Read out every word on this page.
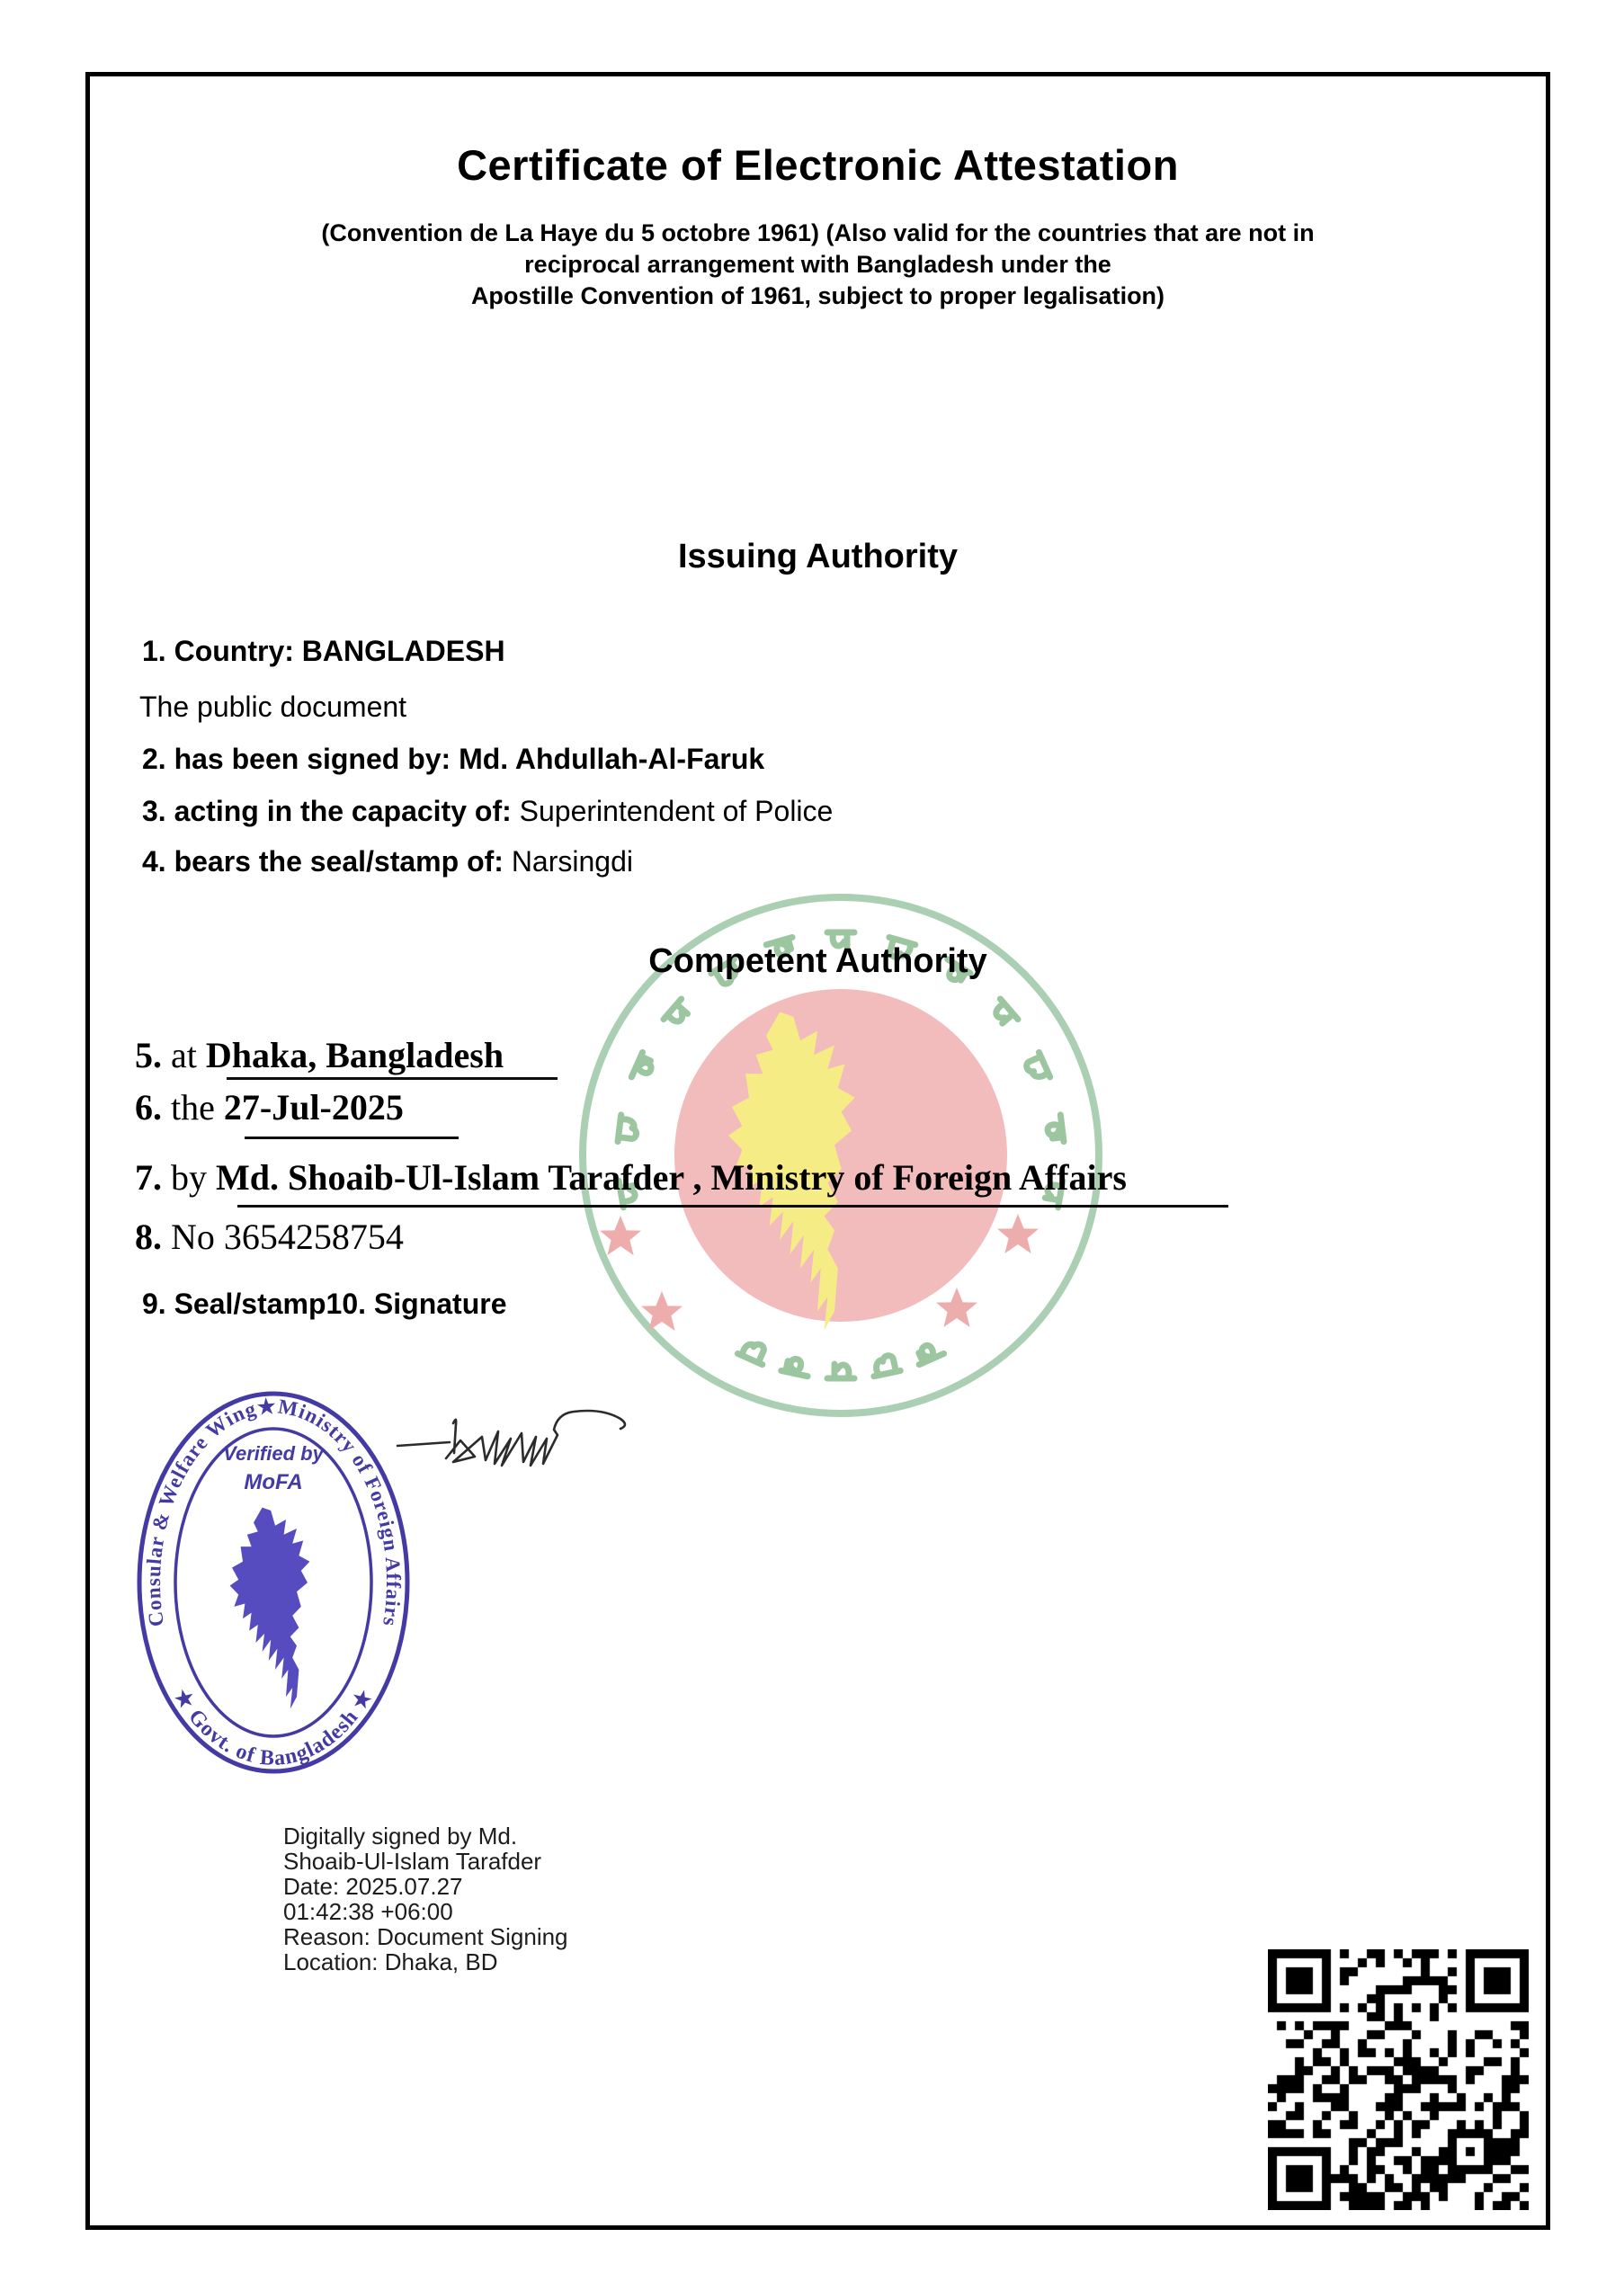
Certificate of Electronic Attestation
(Convention de La Haye du 5 octobre 1961) (Also valid for the countries that are not in
reciprocal arrangement with Bangladesh under the
Apostille Convention of 1961, subject to proper legalisation)
Issuing Authority
1. Country: BANGLADESH
The public document
2. has been signed by: Md. Ahdullah-Al-Faruk
3. acting in the capacity of: Superintendent of Police
4. bears the seal/stamp of: Narsingdi
Competent Authority
5. at Dhaka, Bangladesh
6. the 27-Jul-2025
7. by Md. Shoaib-Ul-Islam Tarafder , Ministry of Foreign Affairs
8. No 3654258754
9. Seal/stamp10. Signature
Consular & Welfare Wing★Ministry of Foreign Affairs
★ Govt. of Bangladesh ★
Verified by
MoFA
Digitally signed by Md.
Shoaib-Ul-Islam Tarafder
Date: 2025.07.27
01:42:38 +06:00
Reason: Document Signing
Location: Dhaka, BD
